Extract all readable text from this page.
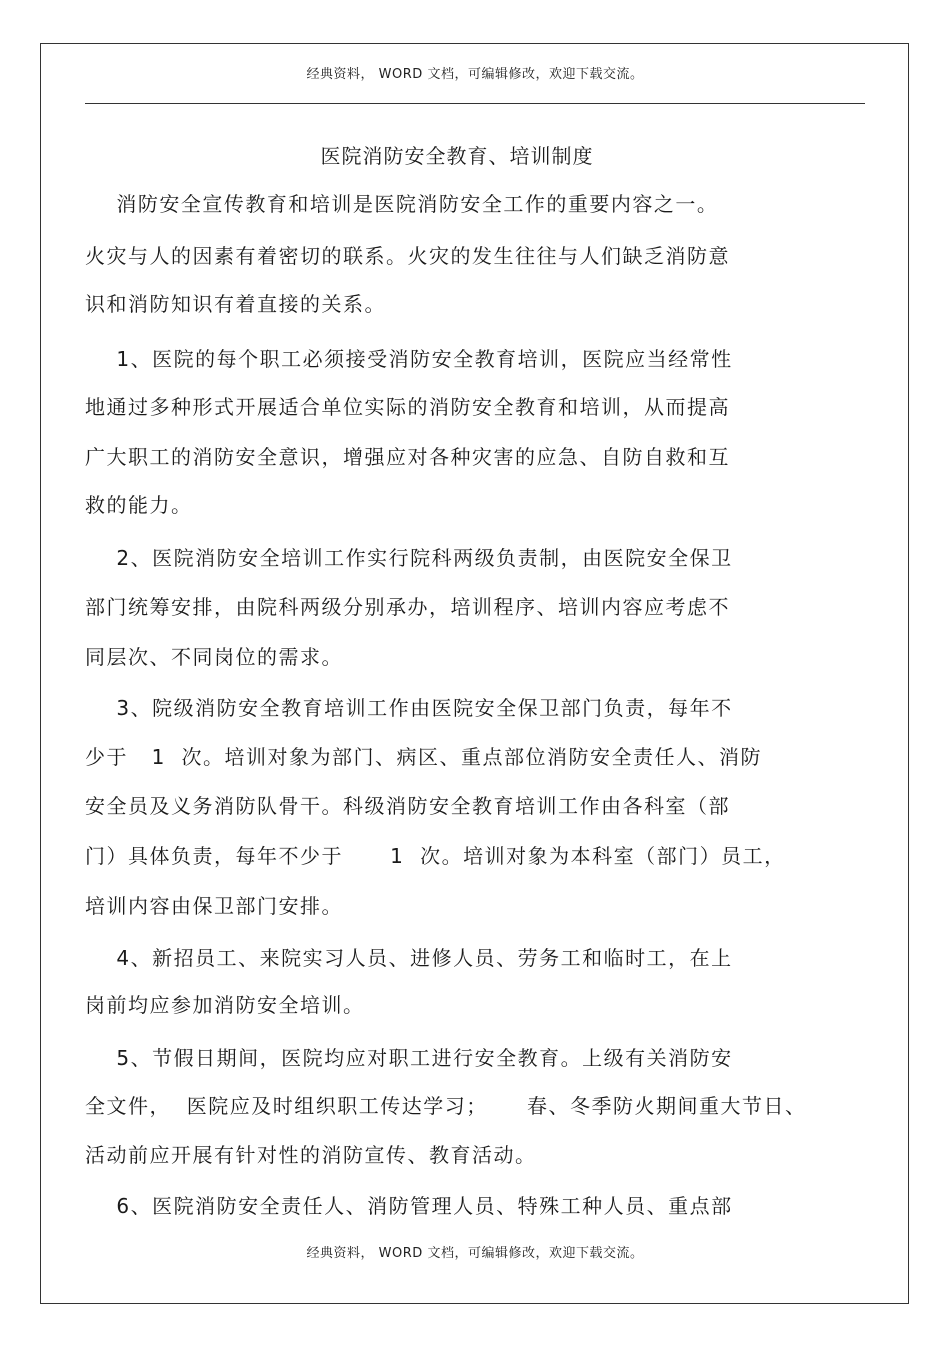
经典资料， WORD 文档，可编辑修改，欢迎下载交流。
医院消防安全教育、培训制度
消防安全宣传教育和培训是医院消防安全工作的重要内容之一。
火灾与人的因素有着密切的联系。火灾的发生往往与人们缺乏消防意
识和消防知识有着直接的关系。
1、医院的每个职工必须接受消防安全教育培训，医院应当经常性
地通过多种形式开展适合单位实际的消防安全教育和培训，从而提高
广大职工的消防安全意识，增强应对各种灾害的应急、自防自救和互
救的能力。
2、医院消防安全培训工作实行院科两级负责制，由医院安全保卫
部门统筹安排，由院科两级分别承办，培训程序、培训内容应考虑不
同层次、不同岗位的需求。
3、院级消防安全教育培训工作由医院安全保卫部门负责，每年不
少于   1  次。培训对象为部门、病区、重点部位消防安全责任人、消防
安全员及义务消防队骨干。科级消防安全教育培训工作由各科室（部
门）具体负责，每年不少于      1  次。培训对象为本科室（部门）员工，
培训内容由保卫部门安排。
4、新招员工、来院实习人员、进修人员、劳务工和临时工，在上
岗前均应参加消防安全培训。
5、节假日期间，医院均应对职工进行安全教育。上级有关消防安
全文件，  医院应及时组织职工传达学习；     春、冬季防火期间重大节日、
活动前应开展有针对性的消防宣传、教育活动。
6、医院消防安全责任人、消防管理人员、特殊工种人员、重点部
经典资料， WORD 文档，可编辑修改，欢迎下载交流。
